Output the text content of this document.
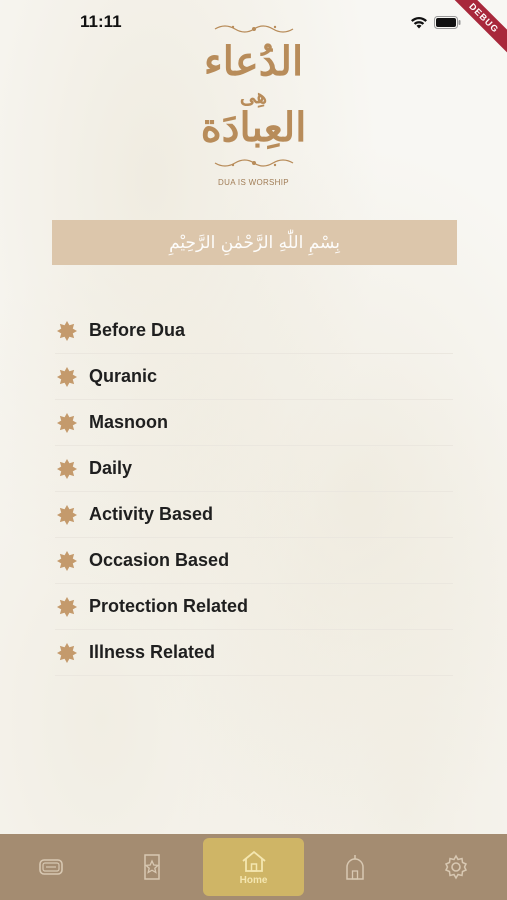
11:11	DEBUG
الدُعاء
هِی
العِبادَة
DUA IS WORSHIP
بِسْمِ اللّٰهِ الرَّحْمٰنِ الرَّحِيْمِ
Before Dua
Quranic
Masnoon
Daily
Activity Based
Occasion Based
Protection Related
Illness Related
Home
